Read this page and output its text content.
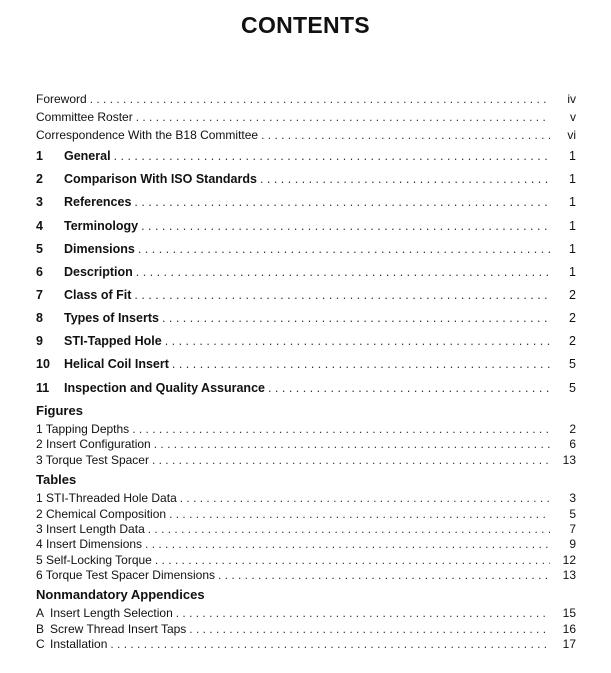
CONTENTS
Foreword . . .	iv
Committee Roster . . .	v
Correspondence With the B18 Committee . . .	vi
1	General . . .	1
2	Comparison With ISO Standards . . .	1
3	References . . .	1
4	Terminology . . .	1
5	Dimensions . . .	1
6	Description . . .	1
7	Class of Fit . . .	2
8	Types of Inserts . . .	2
9	STI-Tapped Hole . . .	2
10	Helical Coil Insert . . .	5
11	Inspection and Quality Assurance . . .	5
Figures
1 Tapping Depths . . .	2
2 Insert Configuration . . .	6
3 Torque Test Spacer . . .	13
Tables
1 STI-Threaded Hole Data . . .	3
2 Chemical Composition . . .	5
3 Insert Length Data . . .	7
4 Insert Dimensions . . .	9
5 Self-Locking Torque . . .	12
6 Torque Test Spacer Dimensions . . .	13
Nonmandatory Appendices
A Insert Length Selection . . .	15
B Screw Thread Insert Taps . . .	16
C Installation . . .	17
